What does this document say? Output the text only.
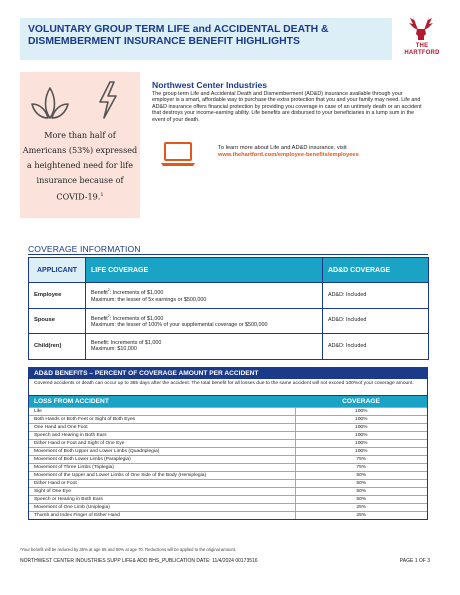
VOLUNTARY GROUP TERM LIFE and ACCIDENTAL DEATH &
DISMEMBERMENT INSURANCE BENEFIT HIGHLIGHTS	THE
HARTFORD
More than half of Americans (53%) expressed a heightened need for life insurance because of COVID-19.$^1$
Northwest Center Industries
The group term Life and Accidental Death and Dismemberment (AD&D) insurance available through your employer is a smart, affordable way to purchase the extra protection that you and your family may need. Life and AD&D insurance offers financial protection by providing you coverage in case of an untimely death or an accident that destroys your income-earning ability. Life benefits are disbursed to your beneficiaries in a lump sum in the event of your death.
To learn more about Life and AD&D insurance, visit
www.thehartford.com/employee-benefits/employees
COVERAGE INFORMATION
APPLICANT	LIFE COVERAGE	AD&D COVERAGE
Employee	Benefit$^2$: Increments of $1,000
Maximum: the lesser of 5x earnings or $500,000	AD&D: Included
Spouse	Benefit$^2$: Increments of $1,000
Maximum: the lesser of 100% of your supplemental coverage or $500,000	AD&D: Included
Child(ren)	Benefit: Increments of $1,000
Maximum: $10,000	AD&D: Included
AD&D BENEFITS – PERCENT OF COVERAGE AMOUNT PER ACCIDENT
Covered accidents or death can occur up to 365 days after the accident. The total benefit for all losses due to the same accident will not exceed 100%of your coverage amount.
LOSS FROM ACCIDENT	COVERAGE
Life	100%
Both Hands or Both Feet or Sight of Both Eyes	100%
One Hand and One Foot	100%
Speech and Hearing in Both Ears	100%
Either Hand or Foot and Sight of One Eye	100%
Movement of Both Upper and Lower Limbs (Quadriplegia)	100%
Movement of Both Lower Limbs (Paraplegia)	75%
Movement of Three Limbs (Triplegia)	75%
Movement of the Upper and Lower Limbs of One Side of the Body (Hemiplegia)	50%
Either Hand or Foot	50%
Sight of One Eye	50%
Speech or Hearing in Both Ears	50%
Movement of One Limb (Uniplegia)	25%
Thumb and Index Finger of Either Hand	25%
²Your benefit will be reduced by 35% at age 65 and 50% at age 70. Reductions will be applied to the original amount.
NORTHWEST CENTER INDUSTRIES SUPP LIFE& ADD BHS_PUBLICATION DATE: 11/4/2024 00173516	PAGE 1 OF 3
